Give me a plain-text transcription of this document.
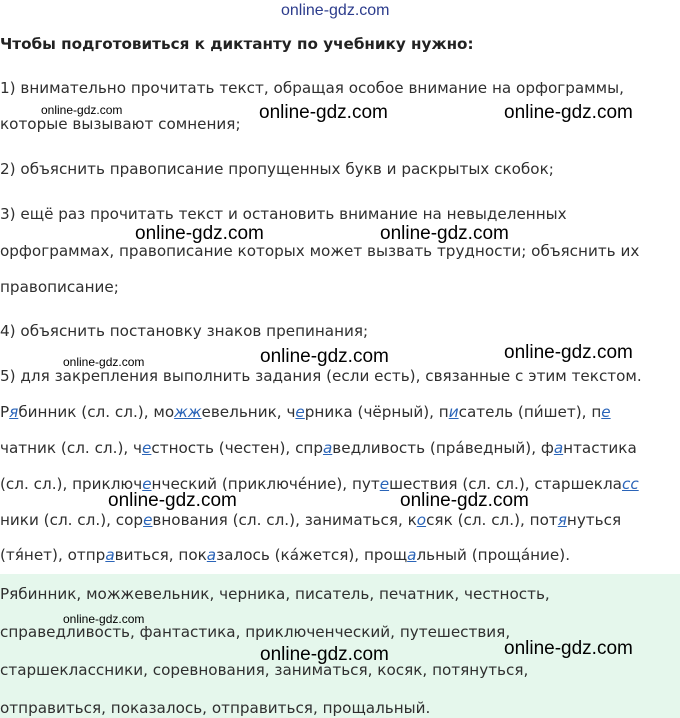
online-gdz.com
Чтобы подготовиться к диктанту по учебнику нужно:
1) внимательно прочитать текст, обращая особое внимание на орфограммы,
которые вызывают сомнения;
2) объяснить правописание пропущенных букв и раскрытых скобок;
3) ещё раз прочитать текст и остановить внимание на невыделенных
орфограммах, правописание которых может вызвать трудности; объяснить их
правописание;
4) объяснить постановку знаков препинания;
5) для закрепления выполнить задания (если есть), связанные с этим текстом.
Рябинник (сл. сл.), можжевельник, черника (чёрный), писатель (пи́шет), пе
чатник (сл. сл.), честность (честен), справедливость (пра́ведный), фантастика
(сл. сл.), приключенческий (приключе́ние), путешествия (сл. сл.), старшекласс
ники (сл. сл.), соревнования (сл. сл.), заниматься, косяк (сл. сл.), потянуться
(тя́нет), отправиться, показалось (ка́жется), прощальный (проща́ние).
Рябинник, можжевельник, черника, писатель, печатник, честность,
справедливость, фантастика, приключенческий, путешествия,
старшеклассники, соревнования, заниматься, косяк, потянуться,
отправиться, показалось, отправиться, прощальный.
online-gdz.com	online-gdz.com	online-gdz.com
online-gdz.com	online-gdz.com
online-gdz.com	online-gdz.com	online-gdz.com
online-gdz.com	online-gdz.com
online-gdz.com
online-gdz.com	online-gdz.com
